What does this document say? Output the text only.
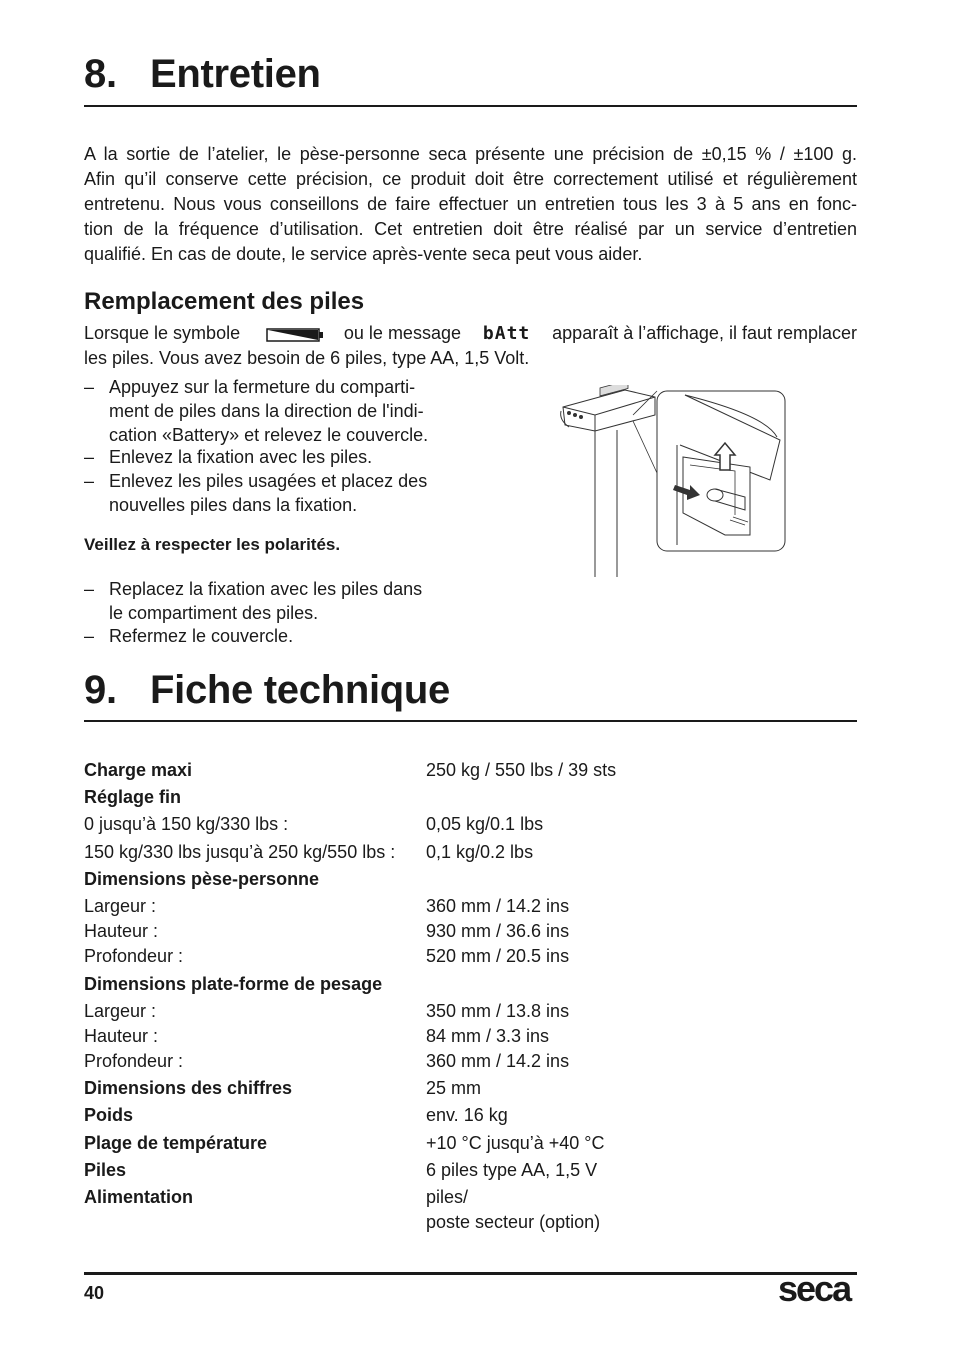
8. Entretien
A la sortie de l’atelier, le pèse-personne seca présente une précision de ±0,15 % / ±100 g.
Afin qu’il conserve cette précision, ce produit doit être correctement utilisé et régulièrement
entretenu. Nous vous conseillons de faire effectuer un entretien tous les 3 à 5 ans en fonc-
tion de la fréquence d’utilisation. Cet entretien doit être réalisé par un service d’entretien
qualifié. En cas de doute, le service après-vente seca peut vous aider.
Remplacement des piles
Lorsque le symbole	ou le message bAtt apparaît à l’affichage, il faut remplacer
les piles. Vous avez besoin de 6 piles, type AA, 1,5 Volt.
– Appuyez sur la fermeture du comparti-
ment de piles dans la direction de l'indi-
cation «Battery» et relevez le couvercle.
– Enlevez la fixation avec les piles.
– Enlevez les piles usagées et placez des
nouvelles piles dans la fixation.
Veillez à respecter les polarités.
– Replacez la fixation avec les piles dans
le compartiment des piles.
– Refermez le couvercle.
9. Fiche technique
Charge maxi	250 kg / 550 lbs / 39 sts
Réglage fin
0 jusqu’à 150 kg/330 lbs :	0,05 kg/0.1 lbs
150 kg/330 lbs jusqu’à 250 kg/550 lbs : 0,1 kg/0.2 lbs
Dimensions pèse-personne
Largeur :	360 mm / 14.2 ins
Hauteur :	930 mm / 36.6 ins
Profondeur :	520 mm / 20.5 ins
Dimensions plate-forme de pesage
Largeur :	350 mm / 13.8 ins
Hauteur :	84 mm / 3.3 ins
Profondeur :	360 mm / 14.2 ins
Dimensions des chiffres	25 mm
Poids	env. 16 kg
Plage de température	+10 °C jusqu’à +40 °C
Piles	6 piles type AA, 1,5 V
Alimentation	piles/
poste secteur (option)
40	seca
